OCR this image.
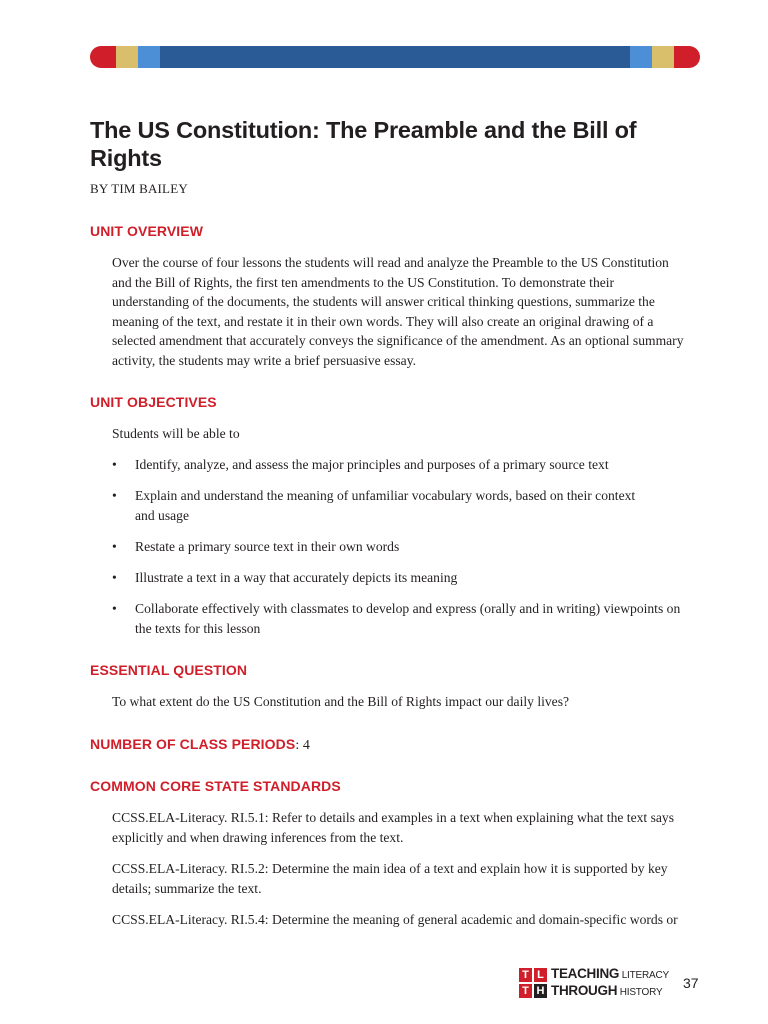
The US Constitution: The Preamble and the Bill of Rights
BY TIM BAILEY
UNIT OVERVIEW
Over the course of four lessons the students will read and analyze the Preamble to the US Constitution
and the Bill of Rights, the first ten amendments to the US Constitution. To demonstrate their
understanding of the documents, the students will answer critical thinking questions, summarize the
meaning of the text, and restate it in their own words. They will also create an original drawing of a
selected amendment that accurately conveys the significance of the amendment. As an optional summary
activity, the students may write a brief persuasive essay.
UNIT OBJECTIVES
Students will be able to
•	Identify, analyze, and assess the major principles and purposes of a primary source text
•	Explain and understand the meaning of unfamiliar vocabulary words, based on their context
and usage
•	Restate a primary source text in their own words
•	Illustrate a text in a way that accurately depicts its meaning
•	Collaborate effectively with classmates to develop and express (orally and in writing) viewpoints on
the texts for this lesson
ESSENTIAL QUESTION
To what extent do the US Constitution and the Bill of Rights impact our daily lives?
NUMBER OF CLASS PERIODS: 4
COMMON CORE STATE STANDARDS
CCSS.ELA-Literacy. RI.5.1: Refer to details and examples in a text when explaining what the text says
explicitly and when drawing inferences from the text.
CCSS.ELA-Literacy. RI.5.2: Determine the main idea of a text and explain how it is supported by key
details; summarize the text.
CCSS.ELA-Literacy. RI.5.4: Determine the meaning of general academic and domain-specific words or
T L
T H
TEACHING LITERACY
THROUGH HISTORY
37
